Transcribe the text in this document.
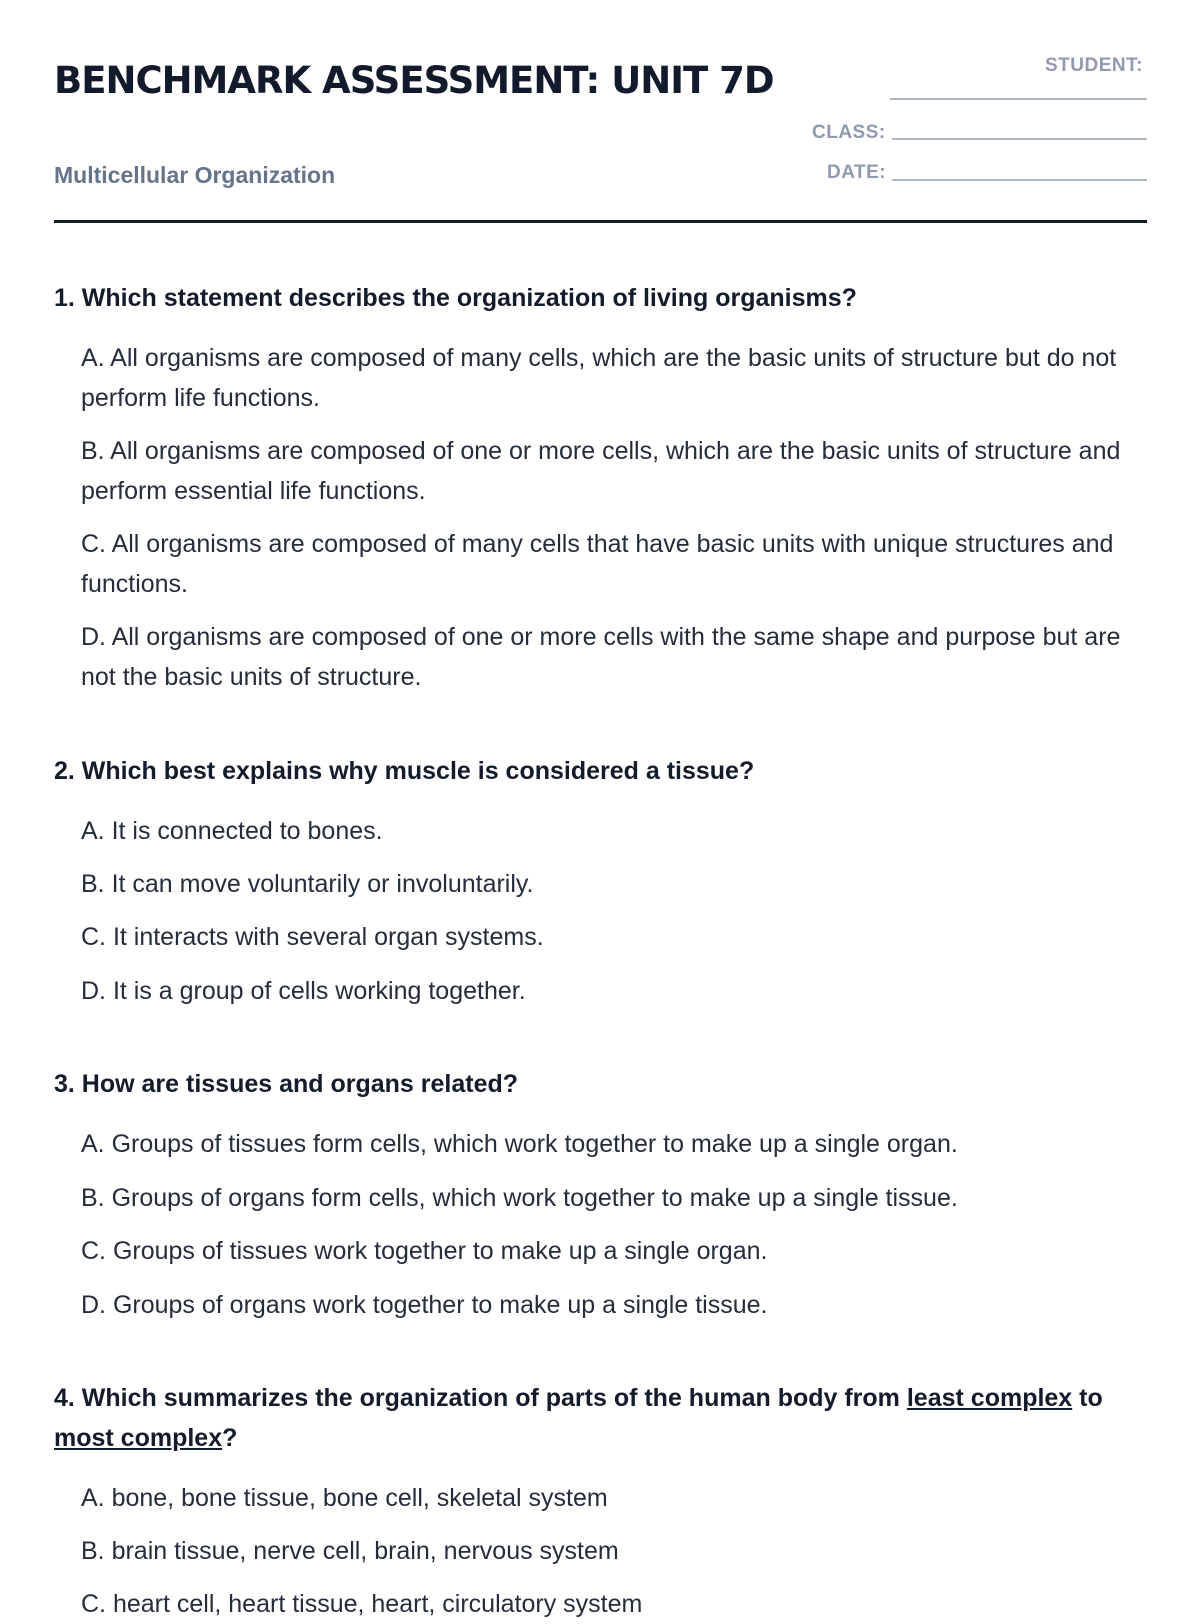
BENCHMARK ASSESSMENT: UNIT 7D

Multicellular Organization

STUDENT:
CLASS:
DATE:

1. Which statement describes the organization of living organisms?

A. All organisms are composed of many cells, which are the basic units of structure but do not perform life functions.

B. All organisms are composed of one or more cells, which are the basic units of structure and perform essential life functions.

C. All organisms are composed of many cells that have basic units with unique structures and functions.

D. All organisms are composed of one or more cells with the same shape and purpose but are not the basic units of structure.

2. Which best explains why muscle is considered a tissue?

A. It is connected to bones.

B. It can move voluntarily or involuntarily.

C. It interacts with several organ systems.

D. It is a group of cells working together.

3. How are tissues and organs related?

A. Groups of tissues form cells, which work together to make up a single organ.

B. Groups of organs form cells, which work together to make up a single tissue.

C. Groups of tissues work together to make up a single organ.

D. Groups of organs work together to make up a single tissue.

4. Which summarizes the organization of parts of the human body from least complex to most complex?

A. bone, bone tissue, bone cell, skeletal system

B. brain tissue, nerve cell, brain, nervous system

C. heart cell, heart tissue, heart, circulatory system
